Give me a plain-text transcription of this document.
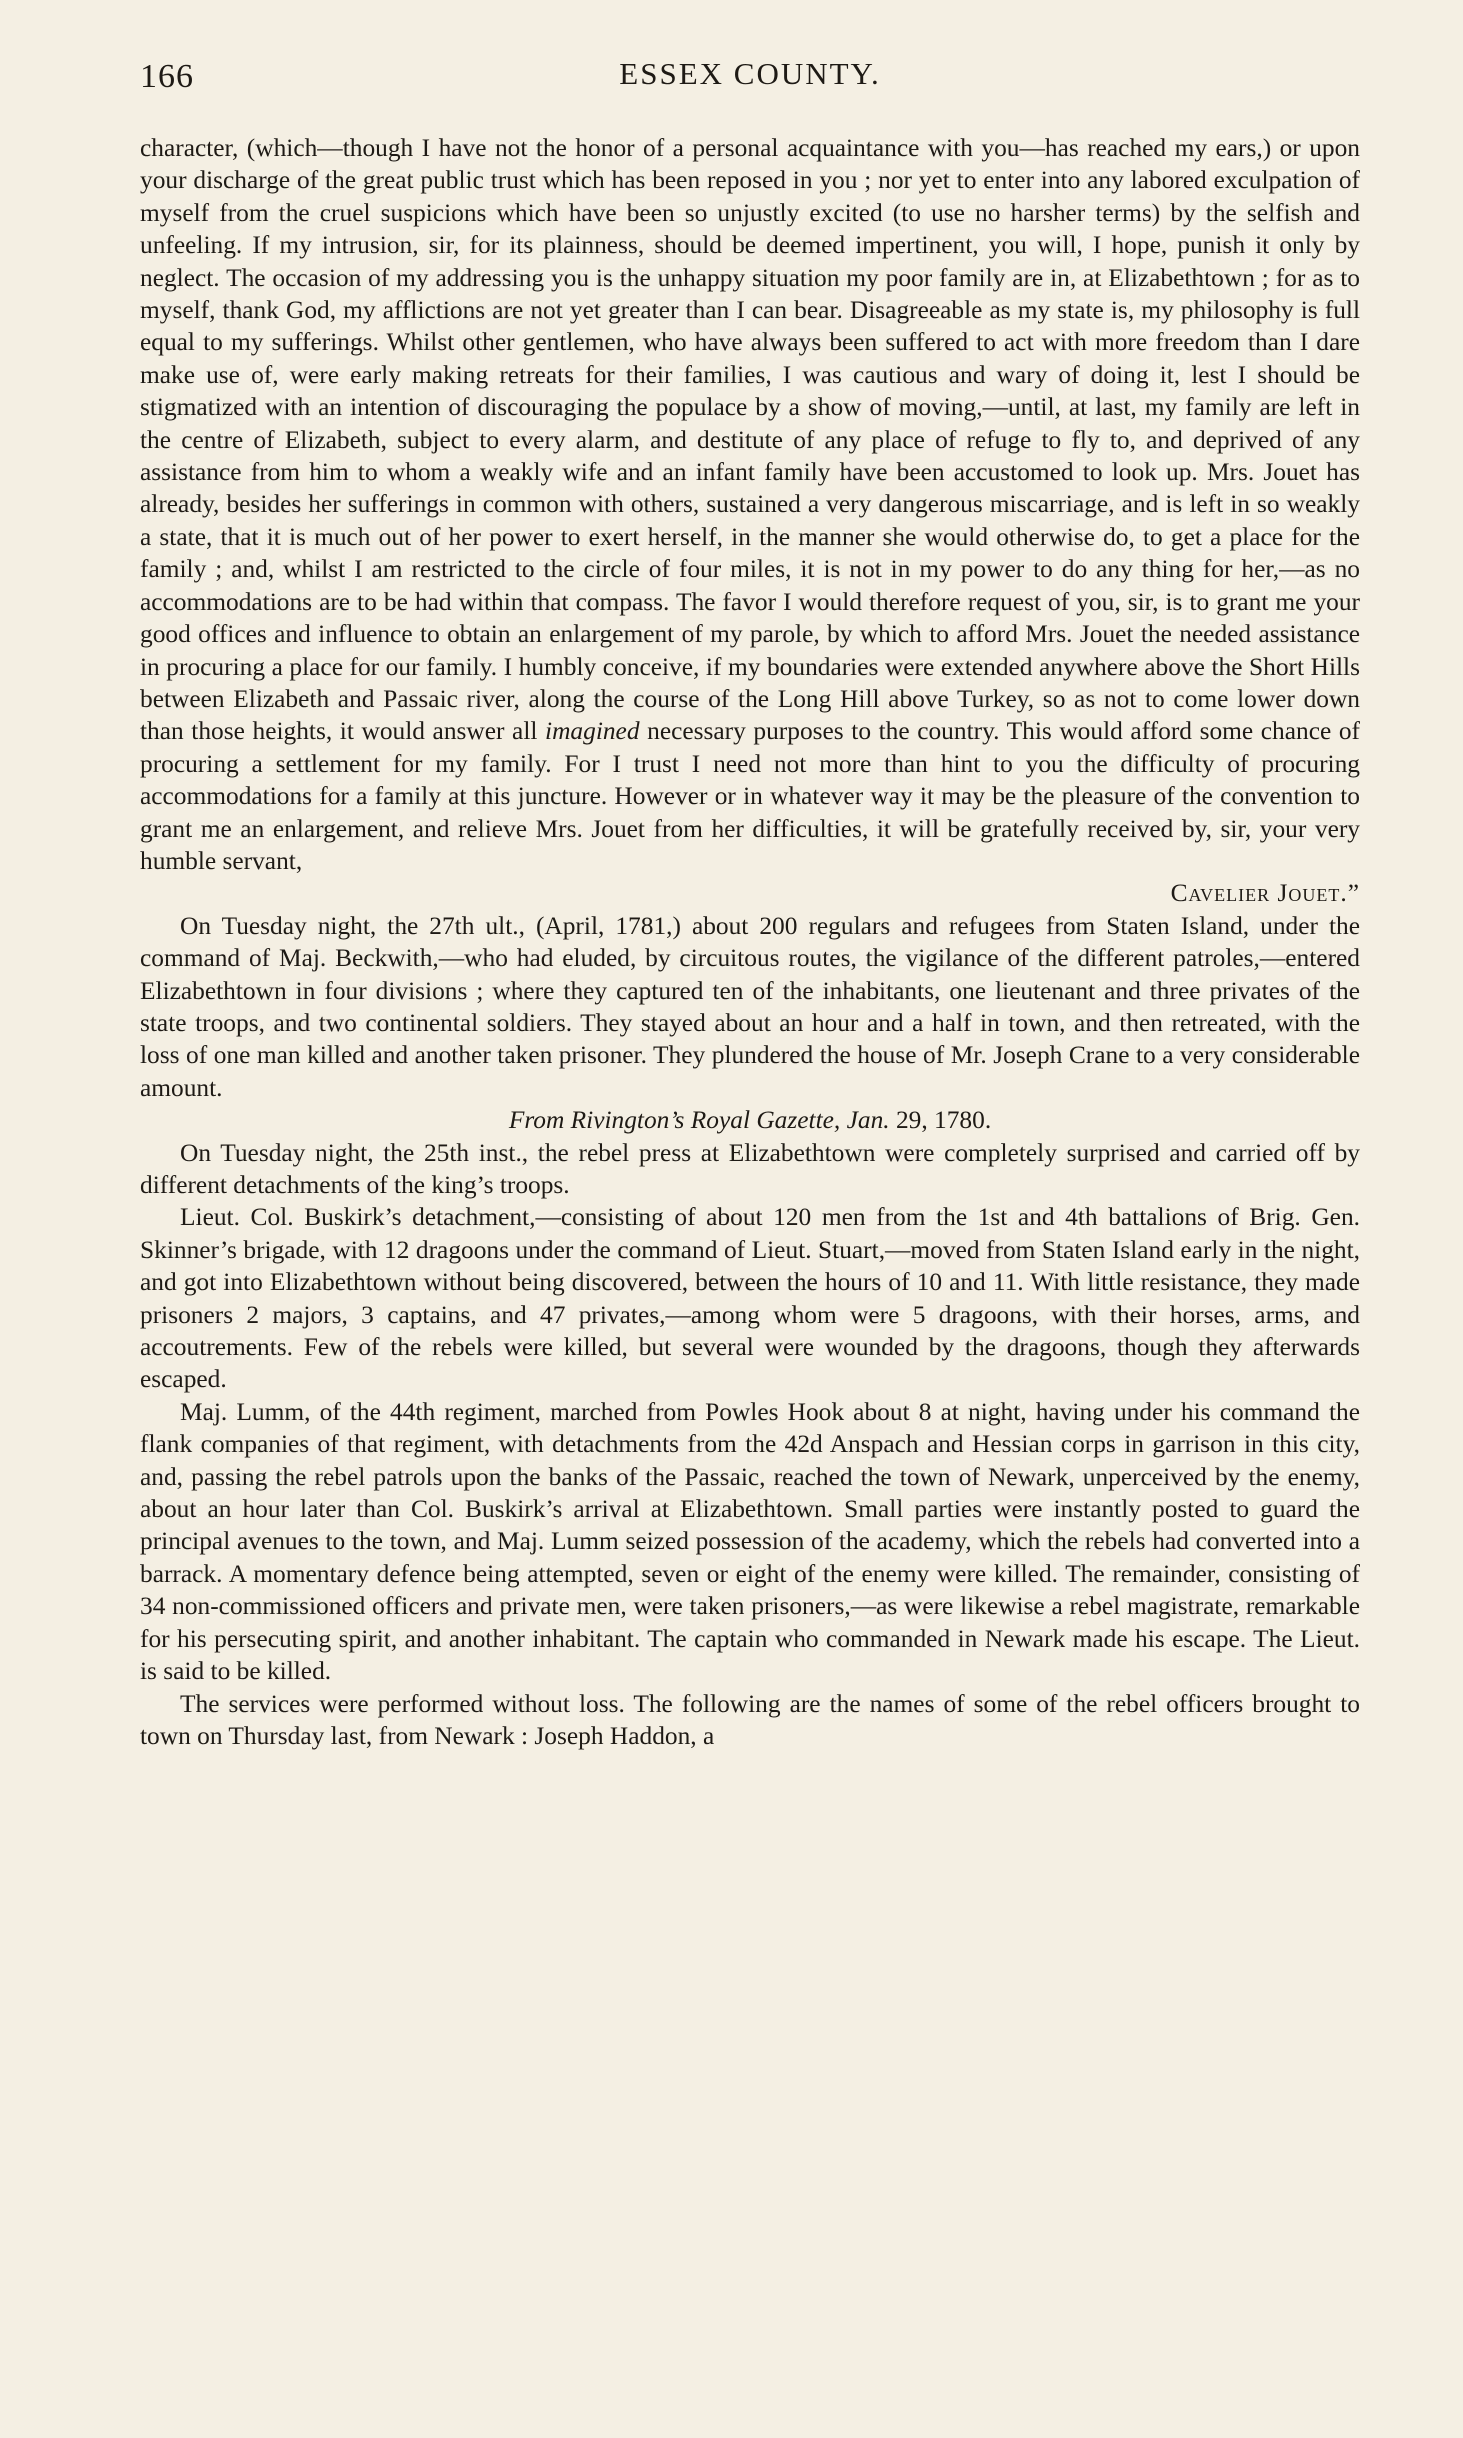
166	ESSEX COUNTY.

character, (which—though I have not the honor of a personal acquaintance with you—has reached my ears,) or upon your discharge of the great public trust which has been reposed in you ; nor yet to enter into any labored exculpation of myself from the cruel suspicions which have been so unjustly excited (to use no harsher terms) by the selfish and unfeeling. If my intrusion, sir, for its plainness, should be deemed impertinent, you will, I hope, punish it only by neglect. The occasion of my addressing you is the unhappy situation my poor family are in, at Elizabethtown ; for as to myself, thank God, my afflictions are not yet greater than I can bear. Disagreeable as my state is, my philosophy is full equal to my sufferings. Whilst other gentlemen, who have always been suffered to act with more freedom than I dare make use of, were early making retreats for their families, I was cautious and wary of doing it, lest I should be stigmatized with an intention of discouraging the populace by a show of moving,—until, at last, my family are left in the centre of Elizabeth, subject to every alarm, and destitute of any place of refuge to fly to, and deprived of any assistance from him to whom a weakly wife and an infant family have been accustomed to look up. Mrs. Jouet has already, besides her sufferings in common with others, sustained a very dangerous miscarriage, and is left in so weakly a state, that it is much out of her power to exert herself, in the manner she would otherwise do, to get a place for the family ; and, whilst I am restricted to the circle of four miles, it is not in my power to do any thing for her,—as no accommodations are to be had within that compass. The favor I would therefore request of you, sir, is to grant me your good offices and influence to obtain an enlargement of my parole, by which to afford Mrs. Jouet the needed assistance in procuring a place for our family. I humbly conceive, if my boundaries were extended anywhere above the Short Hills between Elizabeth and Passaic river, along the course of the Long Hill above Turkey, so as not to come lower down than those heights, it would answer all imagined necessary purposes to the country. This would afford some chance of procuring a settlement for my family. For I trust I need not more than hint to you the difficulty of procuring accommodations for a family at this juncture. However or in whatever way it may be the pleasure of the convention to grant me an enlargement, and relieve Mrs. Jouet from her difficulties, it will be gratefully received by, sir, your very humble servant,

Cavelier Jouet.”

On Tuesday night, the 27th ult., (April, 1781,) about 200 regulars and refugees from Staten Island, under the command of Maj. Beckwith,—who had eluded, by circuitous routes, the vigilance of the different patroles,—entered Elizabethtown in four divisions ; where they captured ten of the inhabitants, one lieutenant and three privates of the state troops, and two continental soldiers. They stayed about an hour and a half in town, and then retreated, with the loss of one man killed and another taken prisoner. They plundered the house of Mr. Joseph Crane to a very considerable amount.

From Rivington’s Royal Gazette, Jan. 29, 1780.

On Tuesday night, the 25th inst., the rebel press at Elizabethtown were completely surprised and carried off by different detachments of the king’s troops.

Lieut. Col. Buskirk’s detachment,—consisting of about 120 men from the 1st and 4th battalions of Brig. Gen. Skinner’s brigade, with 12 dragoons under the command of Lieut. Stuart,—moved from Staten Island early in the night, and got into Elizabethtown without being discovered, between the hours of 10 and 11. With little resistance, they made prisoners 2 majors, 3 captains, and 47 privates,—among whom were 5 dragoons, with their horses, arms, and accoutrements. Few of the rebels were killed, but several were wounded by the dragoons, though they afterwards escaped.

Maj. Lumm, of the 44th regiment, marched from Powles Hook about 8 at night, having under his command the flank companies of that regiment, with detachments from the 42d Anspach and Hessian corps in garrison in this city, and, passing the rebel patrols upon the banks of the Passaic, reached the town of Newark, unperceived by the enemy, about an hour later than Col. Buskirk’s arrival at Elizabethtown. Small parties were instantly posted to guard the principal avenues to the town, and Maj. Lumm seized possession of the academy, which the rebels had converted into a barrack. A momentary defence being attempted, seven or eight of the enemy were killed. The remainder, consisting of 34 non-commissioned officers and private men, were taken prisoners,—as were likewise a rebel magistrate, remarkable for his persecuting spirit, and another inhabitant. The captain who commanded in Newark made his escape. The Lieut. is said to be killed.

The services were performed without loss. The following are the names of some of the rebel officers brought to town on Thursday last, from Newark : Joseph Haddon, a
